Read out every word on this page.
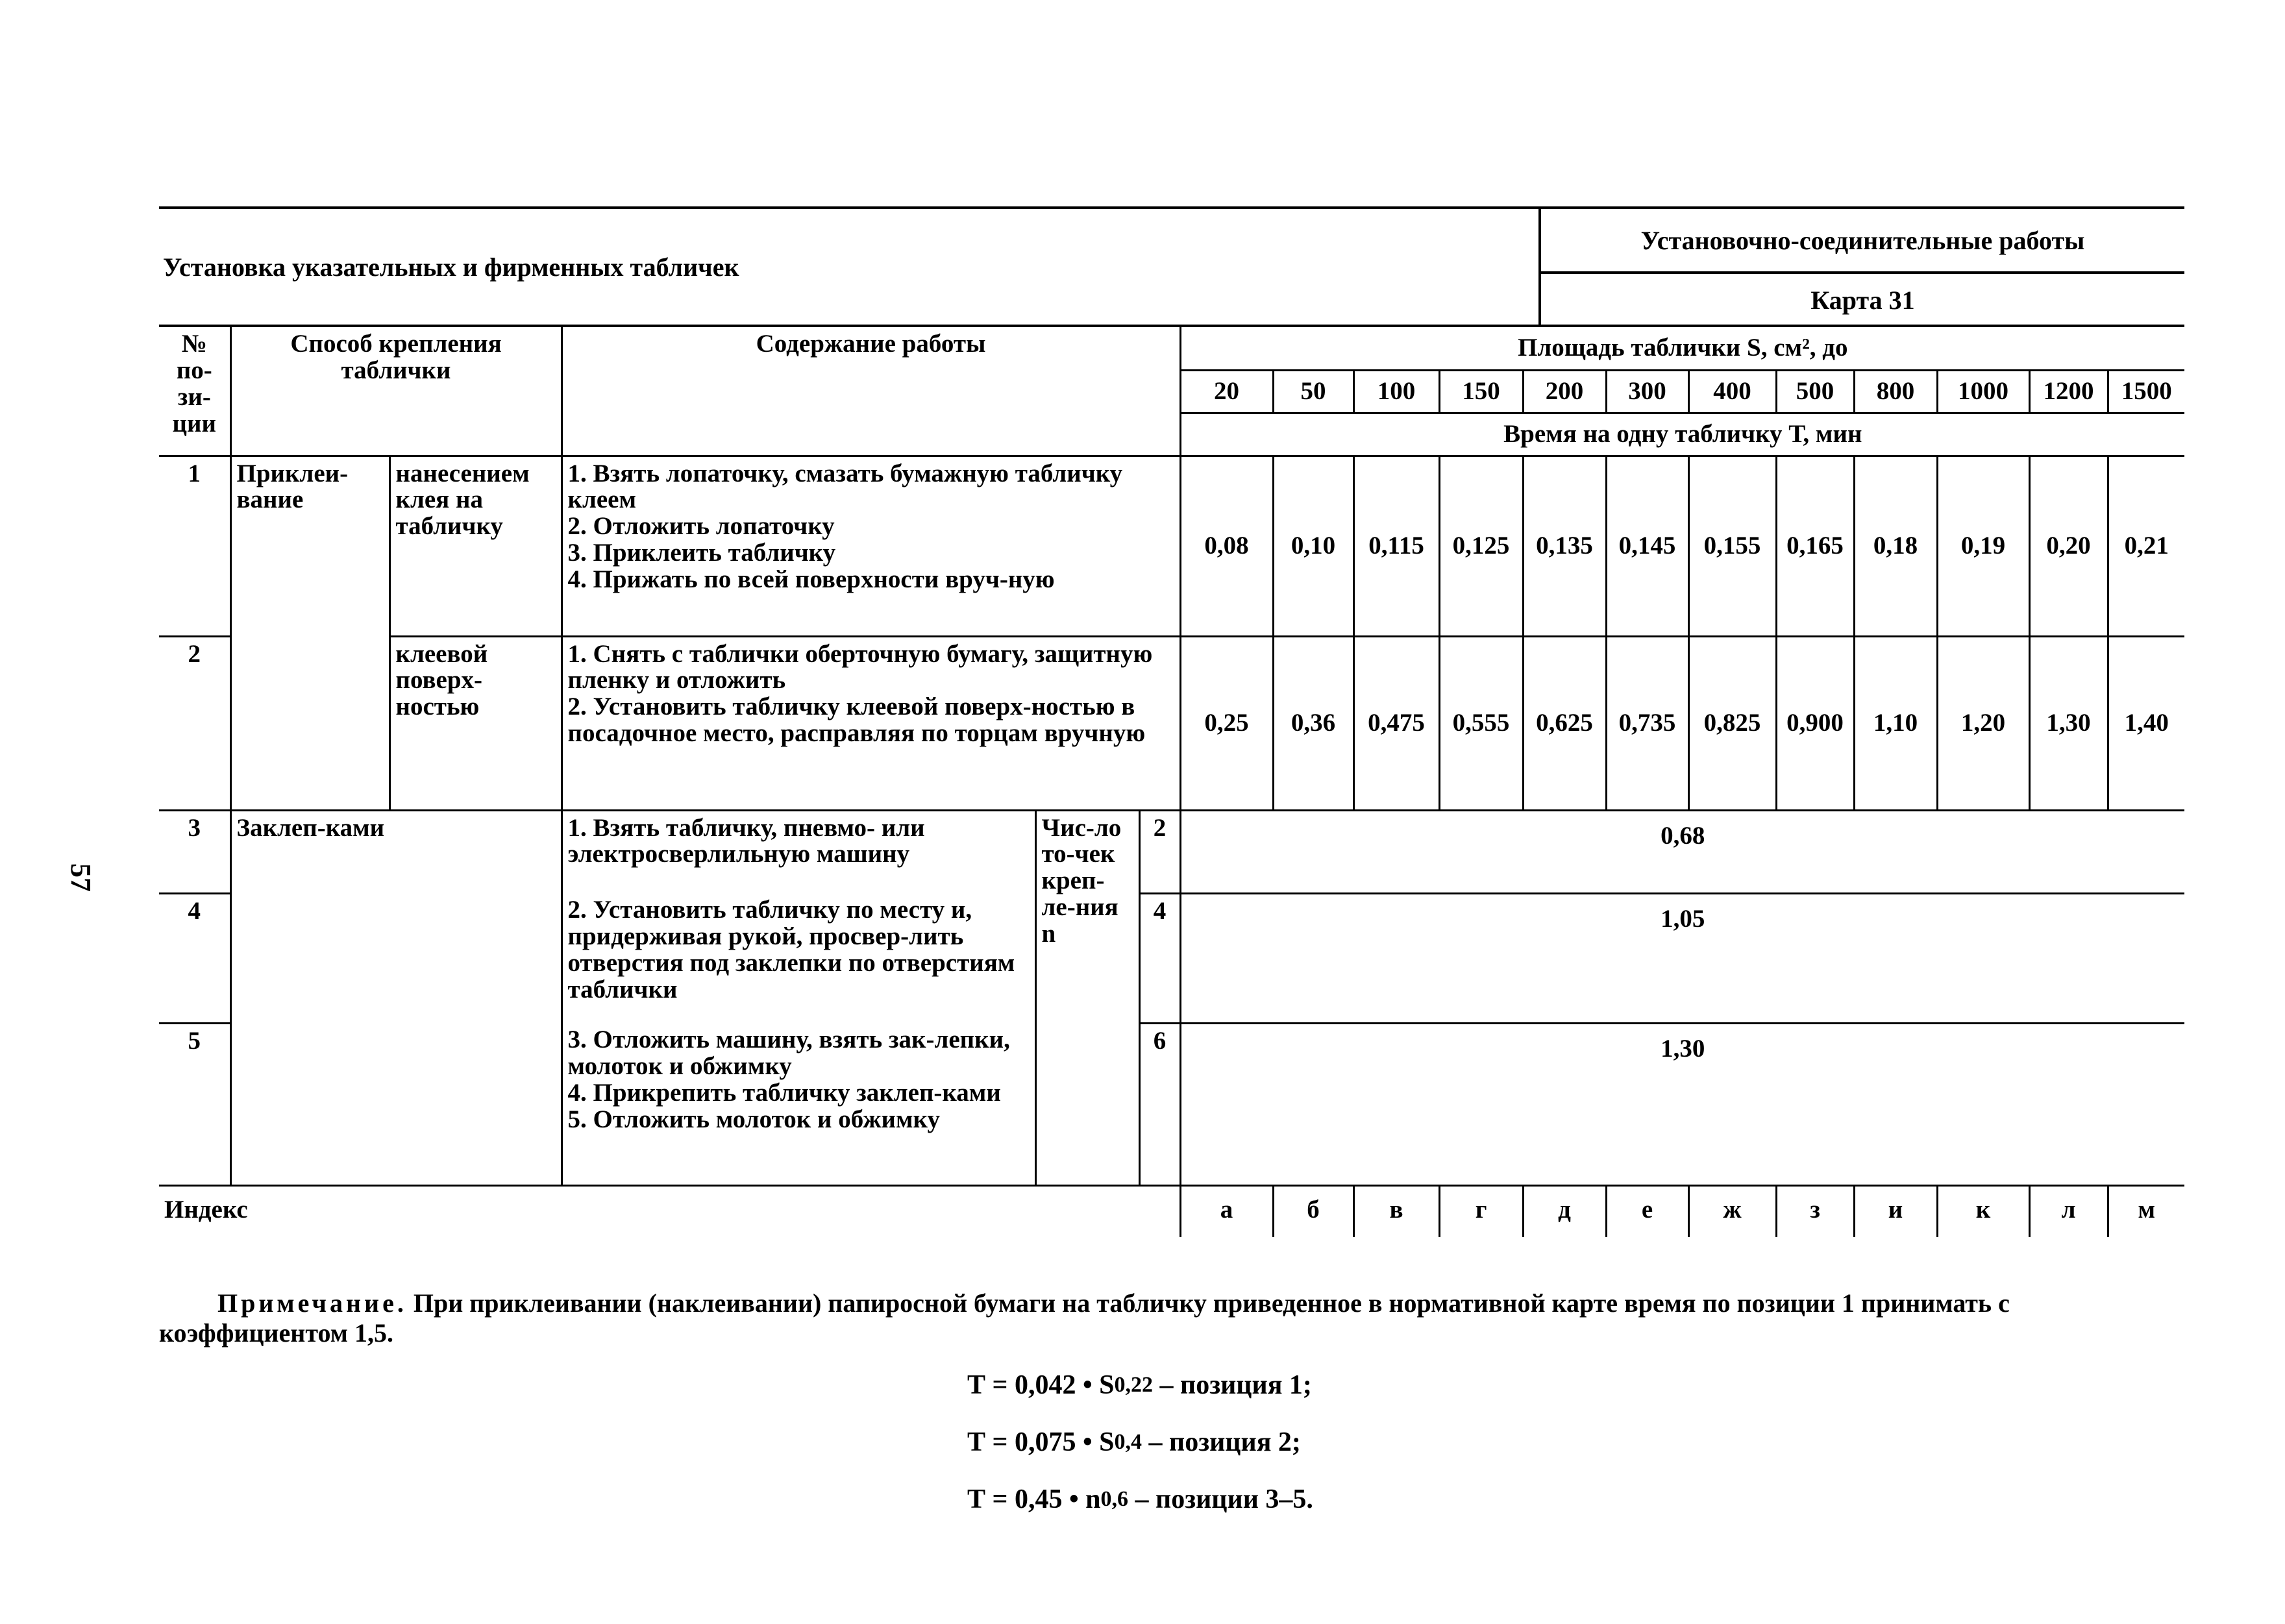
57
Установка указательных и фирменных табличек
Установочно-соединительные работы
Карта 31
№ по-зи-ции	Способ крепления таблички		Содержание работы			Площадь таблички S, см², до											
						20	50	100	150	200	300	400	500	800	1000	1200	1500
						Время на одну табличку Т, мин											
1	Приклеи-вание	нанесением клея на табличку	1. Взять лопаточку, смазать бумажную табличку клеем
2. Отложить лопаточку
3. Приклеить табличку
4. Прижать по всей поверхности вруч-ную			0,08	0,10	0,115	0,125	0,135	0,145	0,155	0,165	0,18	0,19	0,20	0,21
2		клеевой поверх-ностью	1. Снять с таблички оберточную бумагу, защитную пленку и отложить
2. Установить табличку клеевой поверх-ностью в посадочное место, расправляя по торцам вручную			0,25	0,36	0,475	0,555	0,625	0,735	0,825	0,900	1,10	1,20	1,30	1,40
3	Заклеп-ками		1. Взять табличку, пневмо- или электросверлильную машину	Чис-ло то-чек креп-ле-ния n	2	0,68											
4			2. Установить табличку по месту и, придерживая рукой, просвер-лить отверстия под заклепки по отверстиям таблички		4	1,05											
5			3. Отложить машину, взять зак-лепки, молоток и обжимку
4. Прикрепить табличку заклеп-ками
5. Отложить молоток и обжимку		6	1,30											
Индекс						а	б	в	г	д	е	ж	з	и	к	л	м
Примечание. При приклеивании (наклеивании) папиросной бумаги на табличку приведенное в нормативной карте время по позиции 1 принимать с коэффициентом 1,5.
Т = 0,042 • S 0,22 – позиция 1;
Т = 0,075 • S 0,4 – позиция 2;
Т = 0,45 • n 0,6 – позиции 3–5.
